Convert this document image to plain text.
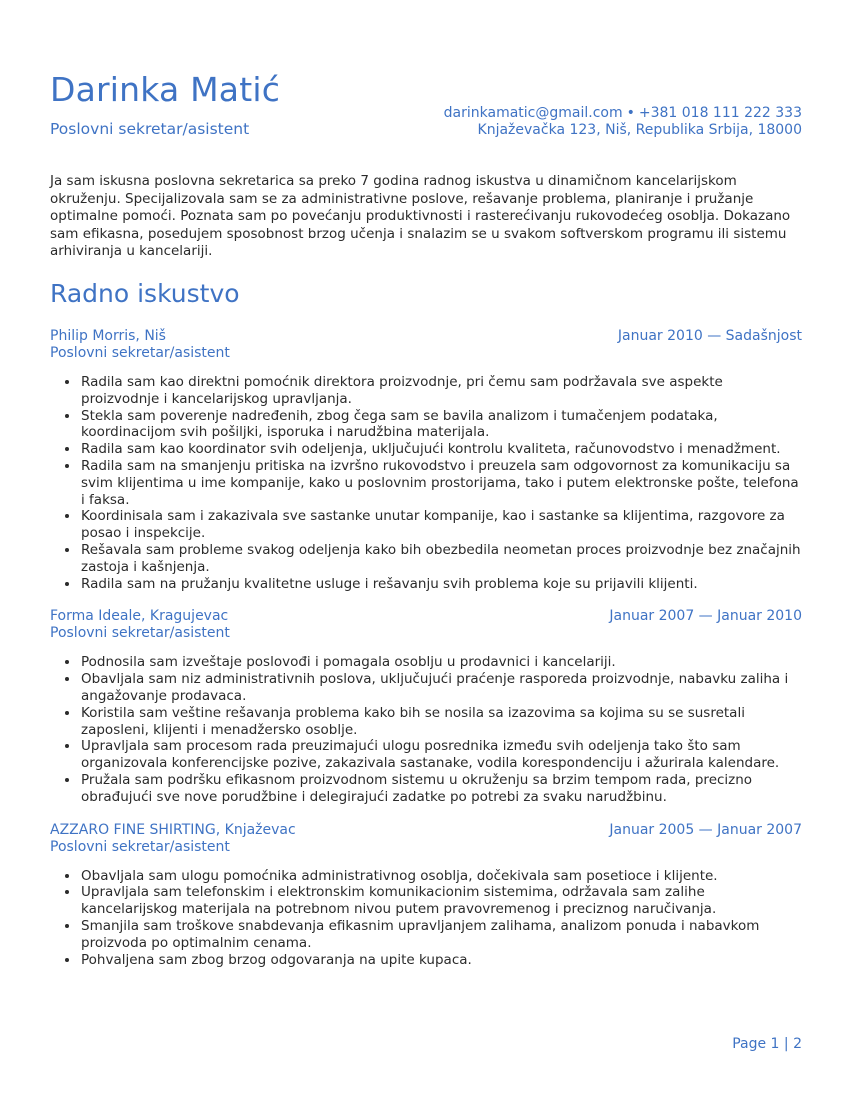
Darinka Matić
Poslovni sekretar/asistent
darinkamatic@gmail.com • +381 018 111 222 333
Knjaževačka 123, Niš, Republika Srbija, 18000

Ja sam iskusna poslovna sekretarica sa preko 7 godina radnog iskustva u dinamičnom kancelarijskom okruženju. Specijalizovala sam se za administrativne poslove, rešavanje problema, planiranje i pružanje optimalne pomoći. Poznata sam po povećanju produktivnosti i rasterećivanju rukovodećeg osoblja. Dokazano sam efikasna, posedujem sposobnost brzog učenja i snalazim se u svakom softverskom programu ili sistemu arhiviranja u kancelariji.

Radno iskustvo
Philip Morris, Niš	Januar 2010 — Sadašnjost
Poslovni sekretar/asistent
• Radila sam kao direktni pomoćnik direktora proizvodnje, pri čemu sam podržavala sve aspekte proizvodnje i kancelarijskog upravljanja.
• Stekla sam poverenje nadređenih, zbog čega sam se bavila analizom i tumačenjem podataka, koordinacijom svih pošiljki, isporuka i narudžbina materijala.
• Radila sam kao koordinator svih odeljenja, uključujući kontrolu kvaliteta, računovodstvo i menadžment.
• Radila sam na smanjenju pritiska na izvršno rukovodstvo i preuzela sam odgovornost za komunikaciju sa svim klijentima u ime kompanije, kako u poslovnim prostorijama, tako i putem elektronske pošte, telefona i faksa.
• Koordinisala sam i zakazivala sve sastanke unutar kompanije, kao i sastanke sa klijentima, razgovore za posao i inspekcije.
• Rešavala sam probleme svakog odeljenja kako bih obezbedila neometan proces proizvodnje bez značajnih zastoja i kašnjenja.
• Radila sam na pružanju kvalitetne usluge i rešavanju svih problema koje su prijavili klijenti.
Forma Ideale, Kragujevac	Januar 2007 — Januar 2010
Poslovni sekretar/asistent
• Podnosila sam izveštaje poslovođi i pomagala osoblju u prodavnici i kancelariji.
• Obavljala sam niz administrativnih poslova, uključujući praćenje rasporeda proizvodnje, nabavku zaliha i angažovanje prodavaca.
• Koristila sam veštine rešavanja problema kako bih se nosila sa izazovima sa kojima su se susretali zaposleni, klijenti i menadžersko osoblje.
• Upravljala sam procesom rada preuzimajući ulogu posrednika između svih odeljenja tako što sam organizovala konferencijske pozive, zakazivala sastanake, vodila korespondenciju i ažurirala kalendare.
• Pružala sam podršku efikasnom proizvodnom sistemu u okruženju sa brzim tempom rada, precizno obrađujući sve nove porudžbine i delegirajući zadatke po potrebi za svaku narudžbinu.
AZZARO FINE SHIRTING, Knjaževac	Januar 2005 — Januar 2007
Poslovni sekretar/asistent
• Obavljala sam ulogu pomoćnika administrativnog osoblja, dočekivala sam posetioce i klijente.
• Upravljala sam telefonskim i elektronskim komunikacionim sistemima, održavala sam zalihe kancelarijskog materijala na potrebnom nivou putem pravovremenog i preciznog naručivanja.
• Smanjila sam troškove snabdevanja efikasnim upravljanjem zalihama, analizom ponuda i nabavkom proizvoda po optimalnim cenama.
• Pohvaljena sam zbog brzog odgovaranja na upite kupaca.
Page 1 | 2
